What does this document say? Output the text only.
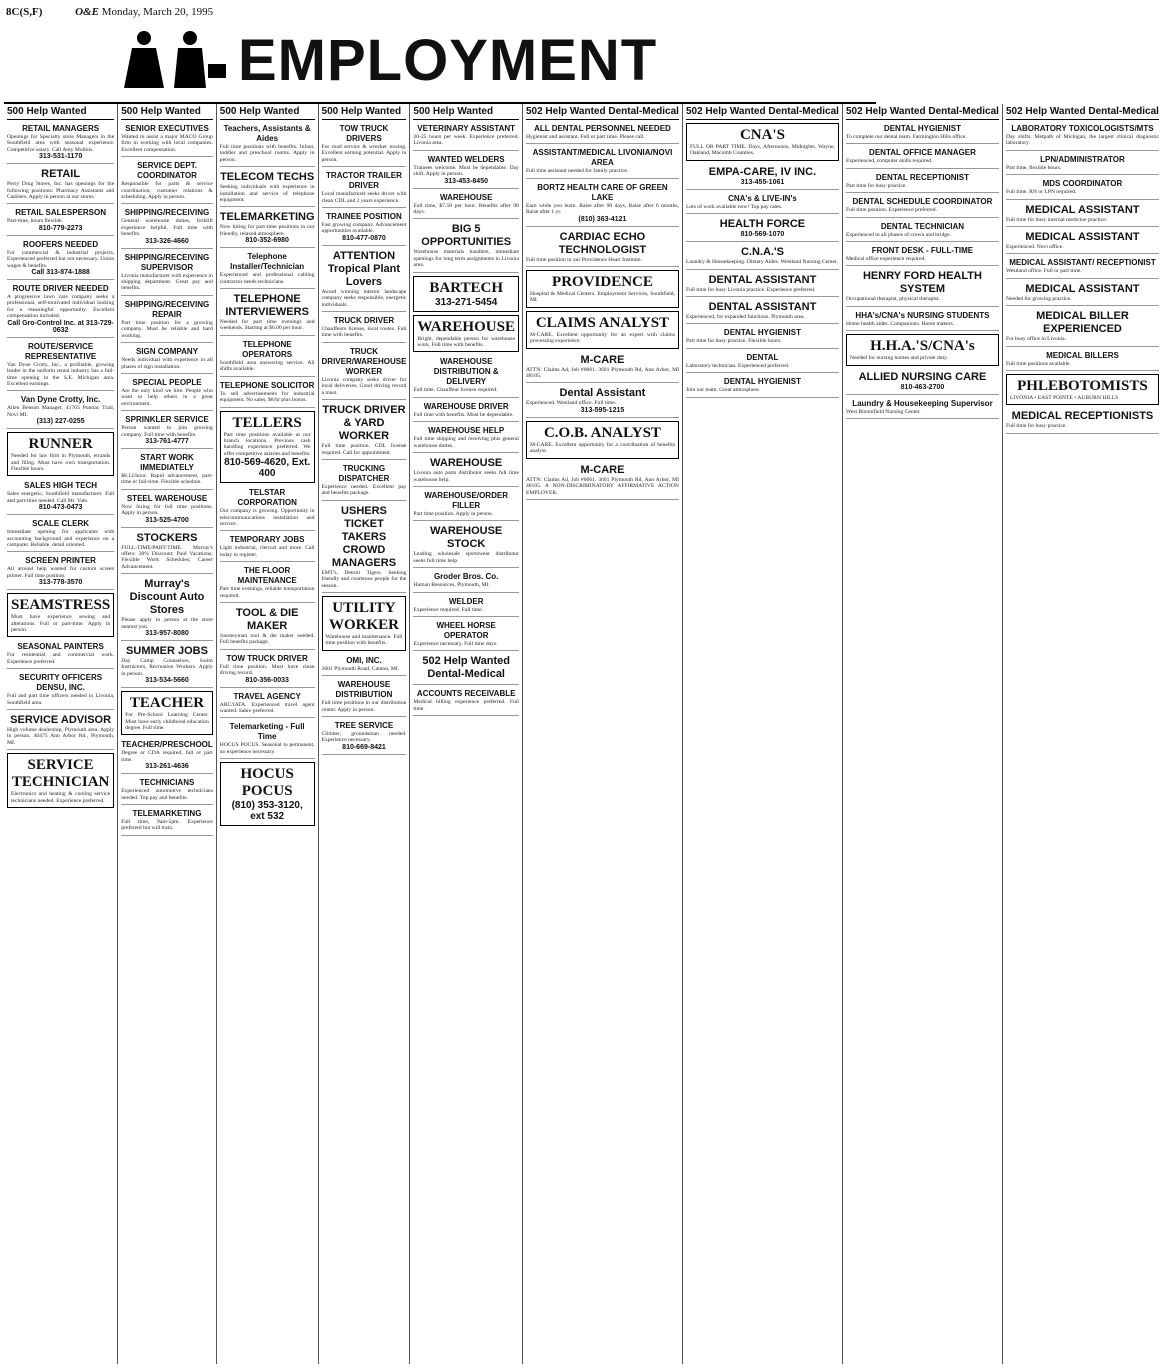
8C(S,F)	O&E Monday, March 20, 1995
EMPLOYMENT
500 Help Wanted
RETAIL MANAGERS
Openings for Specialty store Managers in the Southfield area with seasonal experience. Competitive salary. Call Amy Mullins.
313-531-1170
RETAIL
Perry Drug Stores, Inc. has openings for the following positions: Pharmacy Assistants and Cashiers. Apply in person at our stores.
RETAIL SALESPERSON
Part-time, hours flexible.
810-779-2273
ROOFERS NEEDED
For commercial & industrial projects. Experienced preferred but not necessary. Union wages & benefits.
Call 313-874-1888
ROUTE DRIVER NEEDED
A progressive lawn care company seeks a professional, self-motivated individual looking for a meaningful opportunity. Excellent compensation included.
Call Gro-Control Inc. at 313-729-0632
ROUTE/SERVICE REPRESENTATIVE
Van Dyne Crotty, Inc., a profitable, growing leader in the uniform rental industry has a full-time opening in the S.E. Michigan area. Excellent earnings.
Van Dyne Crotty, Inc.
Allen Benson Manager, 41765 Pontiac Trail, Novi MI.
(313) 227-0255
RUNNER
Needed for law firm in Plymouth, errands and filing. Must have own transportation. Flexible hours.
SALES HIGH TECH
Sales energetic, Southfield manufacturer. Full and part-time needed. Call Mr. Vale.
810-473-0473
SCALE CLERK
Immediate opening for applicants with accounting background and experience on a computer. Reliable, detail oriented.
SCREEN PRINTER
All around help wanted for custom screen printer. Full time position.
313-778-3570
SEAMSTRESS
Must have experience sewing and alterations. Full or part-time. Apply in person.
SEASONAL PAINTERS
For residential and commercial work. Experience preferred.
SECURITY OFFICERS DENSU, INC.
Full and part time officers needed in Livonia, Southfield area.
SERVICE ADVISOR
High volume dealership, Plymouth area. Apply in person. 40475 Ann Arbor Rd., Plymouth, MI.
SERVICE TECHNICIAN
Electronics and heating & cooling service technicians needed. Experience preferred.
500 Help Wanted
SENIOR EXECUTIVES
Wanted to assist a major MACO Group firm in working with local companies. Excellent compensation.
SERVICE DEPT. COORDINATOR
Responsible for parts & service coordination, customer relations & scheduling. Apply in person.
SHIPPING/RECEIVING
General warehouse duties, forklift experience helpful. Full time with benefits.
313-326-4660
SHIPPING/RECEIVING SUPERVISOR
Livonia manufacturer with experience in shipping department. Great pay and benefits.
SHIPPING/RECEIVING REPAIR
Part time position for a growing company. Must be reliable and hard working.
SIGN COMPANY
Needs individual with experience in all phases of sign installation.
SPECIAL PEOPLE
Are the only kind we hire. People who want to help others in a great environment.
SPRINKLER SERVICE
Person wanted to join growing company. Full time with benefits.
313-761-4777
START WORK IMMEDIATELY
$8.12/hour. Rapid advancement, part-time or full-time. Flexible schedule.
STEEL WAREHOUSE
Now hiring for full time positions. Apply in person.
313-525-4700
STOCKERS
FULL-TIME/PART-TIME. Murray's offers: 30% Discount; Paid Vacations; Flexible Work Schedules; Career Advancement.
Murray's Discount Auto Stores
Please apply in person at the store nearest you.
313-957-8080
SUMMER JOBS
Day Camp Counselors, Swim Instructors, Recreation Workers. Apply in person.
313-534-5660
TEACHER
For Pre-School Learning Center. Must have early childhood education degree. Full time.
TEACHER/PRESCHOOL
Degree or CDA required, full or part time.
313-261-4636
TECHNICIANS
Experienced automotive technicians needed. Top pay and benefits.
TELEMARKETING
Full time, 9am-5pm. Experience preferred but will train.
500 Help Wanted
Teachers, Assistants & Aides
Full time positions with benefits. Infant, toddler and preschool rooms. Apply in person.
TELECOM TECHS
Seeking individuals with experience in installation and service of telephone equipment.
TELEMARKETING
Now hiring for part-time positions in our friendly, relaxed atmosphere.
810-352-6980
Telephone Installer/Technician
Experienced and professional cabling contractor needs technicians.
TELEPHONE INTERVIEWERS
Needed for part time evenings and weekends. Starting at $6.00 per hour.
TELEPHONE OPERATORS
Southfield area answering service. All shifts available.
TELEPHONE SOLICITOR
To sell advertisements for industrial equipment. No sales, $8/hr plus bonus.
TELLERS
Part time positions available at our branch locations. Previous cash handling experience preferred. We offer competitive salaries and benefits.
810-569-4620, Ext. 400
TELSTAR CORPORATION
Our company is growing. Opportunity in telecommunications installation and service.
TEMPORARY JOBS
Light industrial, clerical and more. Call today to register.
THE FLOOR MAINTENANCE
Part time evenings, reliable transportation required.
TOOL & DIE MAKER
Journeyman tool & die maker needed. Full benefits package.
TOW TRUCK DRIVER
Full time position. Must have clean driving record.
810-356-0033
TRAVEL AGENCY
ARC/IATA. Experienced travel agent wanted. Sabre preferred.
Telemarketing - Full Time
HOCUS POCUS. Seasonal to permanent, no experience necessary.
HOCUS POCUS
(810) 353-3120, ext 532
500 Help Wanted
TOW TRUCK DRIVERS
For road service & wrecker towing. Excellent earning potential. Apply in person.
TRACTOR TRAILER DRIVER
Local manufacturer seeks driver with clean CDL and 2 years experience.
TRAINEE POSITION
Fast growing company. Advancement opportunities available.
810-477-0870
ATTENTION Tropical Plant Lovers
Award winning interior landscape company seeks responsible, energetic individuals.
TRUCK DRIVER
Chauffeurs license, local routes. Full time with benefits.
TRUCK DRIVER/WAREHOUSE WORKER
Livonia company seeks driver for local deliveries. Good driving record a must.
TRUCK DRIVER & YARD WORKER
Full time position. CDL license required. Call for appointment.
TRUCKING DISPATCHER
Experience needed. Excellent pay and benefits package.
USHERS TICKET TAKERS CROWD MANAGERS
EMT's. Detroit Tigers. Seeking friendly and courteous people for the season.
UTILITY WORKER
Warehouse and maintenance. Full time position with benefits.
OMI, INC.
3601 Plymouth Road, Canton, MI.
WAREHOUSE DISTRIBUTION
Full time positions in our distribution center. Apply in person.
TREE SERVICE
Climber, groundsman needed. Experience necessary.
810-669-8421
500 Help Wanted
VETERINARY ASSISTANT
20-25 hours per week. Experience preferred. Livonia area.
WANTED WELDERS
Trainees welcome. Must be dependable. Day shift. Apply in person.
313-453-8450
WAREHOUSE
Full time, $7.50 per hour. Benefits after 90 days.
BIG 5 OPPORTUNITIES
Warehouse materials handlers, immediate openings for long term assignments in Livonia area.
BARTECH
313-271-5454
WAREHOUSE
Bright, dependable person for warehouse work. Full time with benefits.
WAREHOUSE DISTRIBUTION & DELIVERY
Full time. Chauffeur license required.
WAREHOUSE DRIVER
Full time with benefits. Must be dependable.
WAREHOUSE HELP
Full time shipping and receiving plus general warehouse duties.
WAREHOUSE
Livonia auto parts distributor seeks full time warehouse help.
WAREHOUSE/ORDER FILLER
Part time position. Apply in person.
WAREHOUSE STOCK
Leading wholesale sportswear distributor seeks full time help.
Groder Bros. Co.
Human Resources, Plymouth, MI.
WELDER
Experience required. Full time.
WHEEL HORSE OPERATOR
Experience necessary. Full time days.
502 Help Wanted Dental-Medical
ACCOUNTS RECEIVABLE
Medical billing experience preferred. Full time.
502 Help Wanted Dental-Medical
ALL DENTAL PERSONNEL NEEDED
Hygienist and assistant. Full or part time. Please call.
ASSISTANT/MEDICAL LIVONIA/NOVI AREA
Full time assistant needed for family practice.
BORTZ HEALTH CARE OF GREEN LAKE
Earn while you learn. Raise after 90 days, Raise after 6 months, Raise after 1 yr.
(810) 363-4121
CARDIAC ECHO TECHNOLOGIST
Full time position in our Providence Heart Institute.
PROVIDENCE
Hospital & Medical Centers. Employment Services, Southfield, MI.
CLAIMS ANALYST
M-CARE. Excellent opportunity for an expert with claims processing experience.
M-CARE
ATTN: Claims Ad, Job #0061. 3601 Plymouth Rd, Ann Arbor, MI 48105.
Dental Assistant
Experienced. Westland office. Full time.
313-595-1215
C.O.B. ANALYST
M-CARE. Excellent opportunity for a coordination of benefits analyst.
M-CARE
ATTN: Claims Ad, Job #0061. 3601 Plymouth Rd, Ann Arbor, MI 48105. A NON-DISCRIMINATORY AFFIRMATIVE ACTION EMPLOYER.
502 Help Wanted Dental-Medical
CNA'S
FULL OR PART TIME. Days, Afternoons, Midnights. Wayne, Oakland, Macomb Counties.
EMPA-CARE, IV INC.
313-455-1061
CNA's & LIVE-IN's
Lots of work available now! Top pay rates.
HEALTH FORCE
810-569-1070
C.N.A.'S
Laundry & Housekeeping. Dietary Aides. Westland Nursing Center.
DENTAL ASSISTANT
Full time for busy Livonia practice. Experience preferred.
DENTAL ASSISTANT
Experienced, for expanded functions. Plymouth area.
DENTAL HYGIENIST
Part time for busy practice. Flexible hours.
DENTAL
Laboratory technician. Experienced preferred.
DENTAL HYGIENIST
Join our team. Great atmosphere.
502 Help Wanted Dental-Medical
DENTAL HYGIENIST
To complete our dental team. Farmington Hills office.
DENTAL OFFICE MANAGER
Experienced, computer skills required.
DENTAL RECEPTIONIST
Part time for busy practice.
DENTAL SCHEDULE COORDINATOR
Full time position. Experience preferred.
DENTAL TECHNICIAN
Experienced in all phases of crown and bridge.
FRONT DESK - FULL-TIME
Medical office experience required.
HENRY FORD HEALTH SYSTEM
Occupational therapist, physical therapist.
HHA's/CNA's NURSING STUDENTS
Home health aides. Companions. Home makers.
H.H.A.'S/CNA's
Needed for nursing homes and private duty.
ALLIED NURSING CARE
810-463-2700
Laundry & Housekeeping Supervisor
West Bloomfield Nursing Center.
502 Help Wanted Dental-Medical
LABORATORY TOXICOLOGISTS/MTS
Day shifts. Metpath of Michigan, the largest clinical diagnostic laboratory.
LPN/ADMINISTRATOR
Part time, flexible hours.
MDS COORDINATOR
Full time. RN or LPN required.
MEDICAL ASSISTANT
Full time for busy internal medicine practice.
MEDICAL ASSISTANT
Experienced. Novi office.
MEDICAL ASSISTANT/ RECEPTIONIST
Westland office. Full or part time.
MEDICAL ASSISTANT
Needed for growing practice.
MEDICAL BILLER EXPERIENCED
For busy office in Livonia.
MEDICAL BILLERS
Full time positions available.
PHLEBOTOMISTS
LIVONIA • EAST POINTE • AUBURN HILLS
MEDICAL RECEPTIONISTS
Full time for busy practice.
